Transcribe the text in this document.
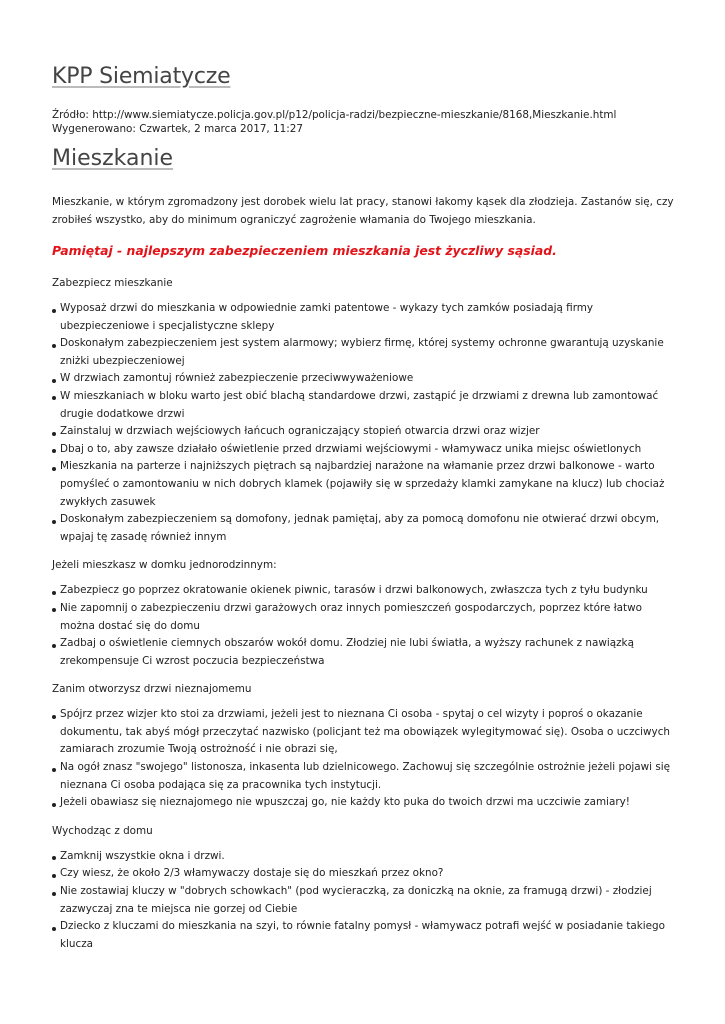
KPP Siemiatycze
Źródło: http://www.siemiatycze.policja.gov.pl/p12/policja-radzi/bezpieczne-mieszkanie/8168,Mieszkanie.html
Wygenerowano: Czwartek, 2 marca 2017, 11:27
Mieszkanie

Mieszkanie, w którym zgromadzony jest dorobek wielu lat pracy, stanowi łakomy kąsek dla złodzieja. Zastanów się, czy zrobiłeś wszystko, aby do minimum ograniczyć zagrożenie włamania do Twojego mieszkania.

Pamiętaj - najlepszym zabezpieczeniem mieszkania jest życzliwy sąsiad.

Zabezpiecz mieszkanie
Wyposaż drzwi do mieszkania w odpowiednie zamki patentowe - wykazy tych zamków posiadają firmy ubezpieczeniowe i specjalistyczne sklepy
Doskonałym zabezpieczeniem jest system alarmowy; wybierz firmę, której systemy ochronne gwarantują uzyskanie zniżki ubezpieczeniowej
W drzwiach zamontuj również zabezpieczenie przeciwwyważeniowe
W mieszkaniach w bloku warto jest obić blachą standardowe drzwi, zastąpić je drzwiami z drewna lub zamontować drugie dodatkowe drzwi
Zainstaluj w drzwiach wejściowych łańcuch ograniczający stopień otwarcia drzwi oraz wizjer
Dbaj o to, aby zawsze działało oświetlenie przed drzwiami wejściowymi - włamywacz unika miejsc oświetlonych
Mieszkania na parterze i najniższych piętrach są najbardziej narażone na włamanie przez drzwi balkonowe - warto pomyśleć o zamontowaniu w nich dobrych klamek (pojawiły się w sprzedaży klamki zamykane na klucz) lub chociaż zwykłych zasuwek
Doskonałym zabezpieczeniem są domofony, jednak pamiętaj, aby za pomocą domofonu nie otwierać drzwi obcym, wpajaj tę zasadę również innym
Jeżeli mieszkasz w domku jednorodzinnym:
Zabezpiecz go poprzez okratowanie okienek piwnic, tarasów i drzwi balkonowych, zwłaszcza tych z tyłu budynku
Nie zapomnij o zabezpieczeniu drzwi garażowych oraz innych pomieszczeń gospodarczych, poprzez które łatwo można dostać się do domu
Zadbaj o oświetlenie ciemnych obszarów wokół domu. Złodziej nie lubi światła, a wyższy rachunek z nawiązką zrekompensuje Ci wzrost poczucia bezpieczeństwa
Zanim otworzysz drzwi nieznajomemu
Spójrz przez wizjer kto stoi za drzwiami, jeżeli jest to nieznana Ci osoba - spytaj o cel wizyty i poproś o okazanie dokumentu, tak abyś mógł przeczytać nazwisko (policjant też ma obowiązek wylegitymować się). Osoba o uczciwych zamiarach zrozumie Twoją ostrożność i nie obrazi się,
Na ogół znasz "swojego" listonosza, inkasenta lub dzielnicowego. Zachowuj się szczególnie ostrożnie jeżeli pojawi się nieznana Ci osoba podająca się za pracownika tych instytucji.
Jeżeli obawiasz się nieznajomego nie wpuszczaj go, nie każdy kto puka do twoich drzwi ma uczciwie zamiary!
Wychodząc z domu
Zamknij wszystkie okna i drzwi.
Czy wiesz, że około 2/3 włamywaczy dostaje się do mieszkań przez okno?
Nie zostawiaj kluczy w "dobrych schowkach" (pod wycieraczką, za doniczką na oknie, za framugą drzwi) - złodziej zazwyczaj zna te miejsca nie gorzej od Ciebie
Dziecko z kluczami do mieszkania na szyi, to równie fatalny pomysł - włamywacz potrafi wejść w posiadanie takiego klucza
